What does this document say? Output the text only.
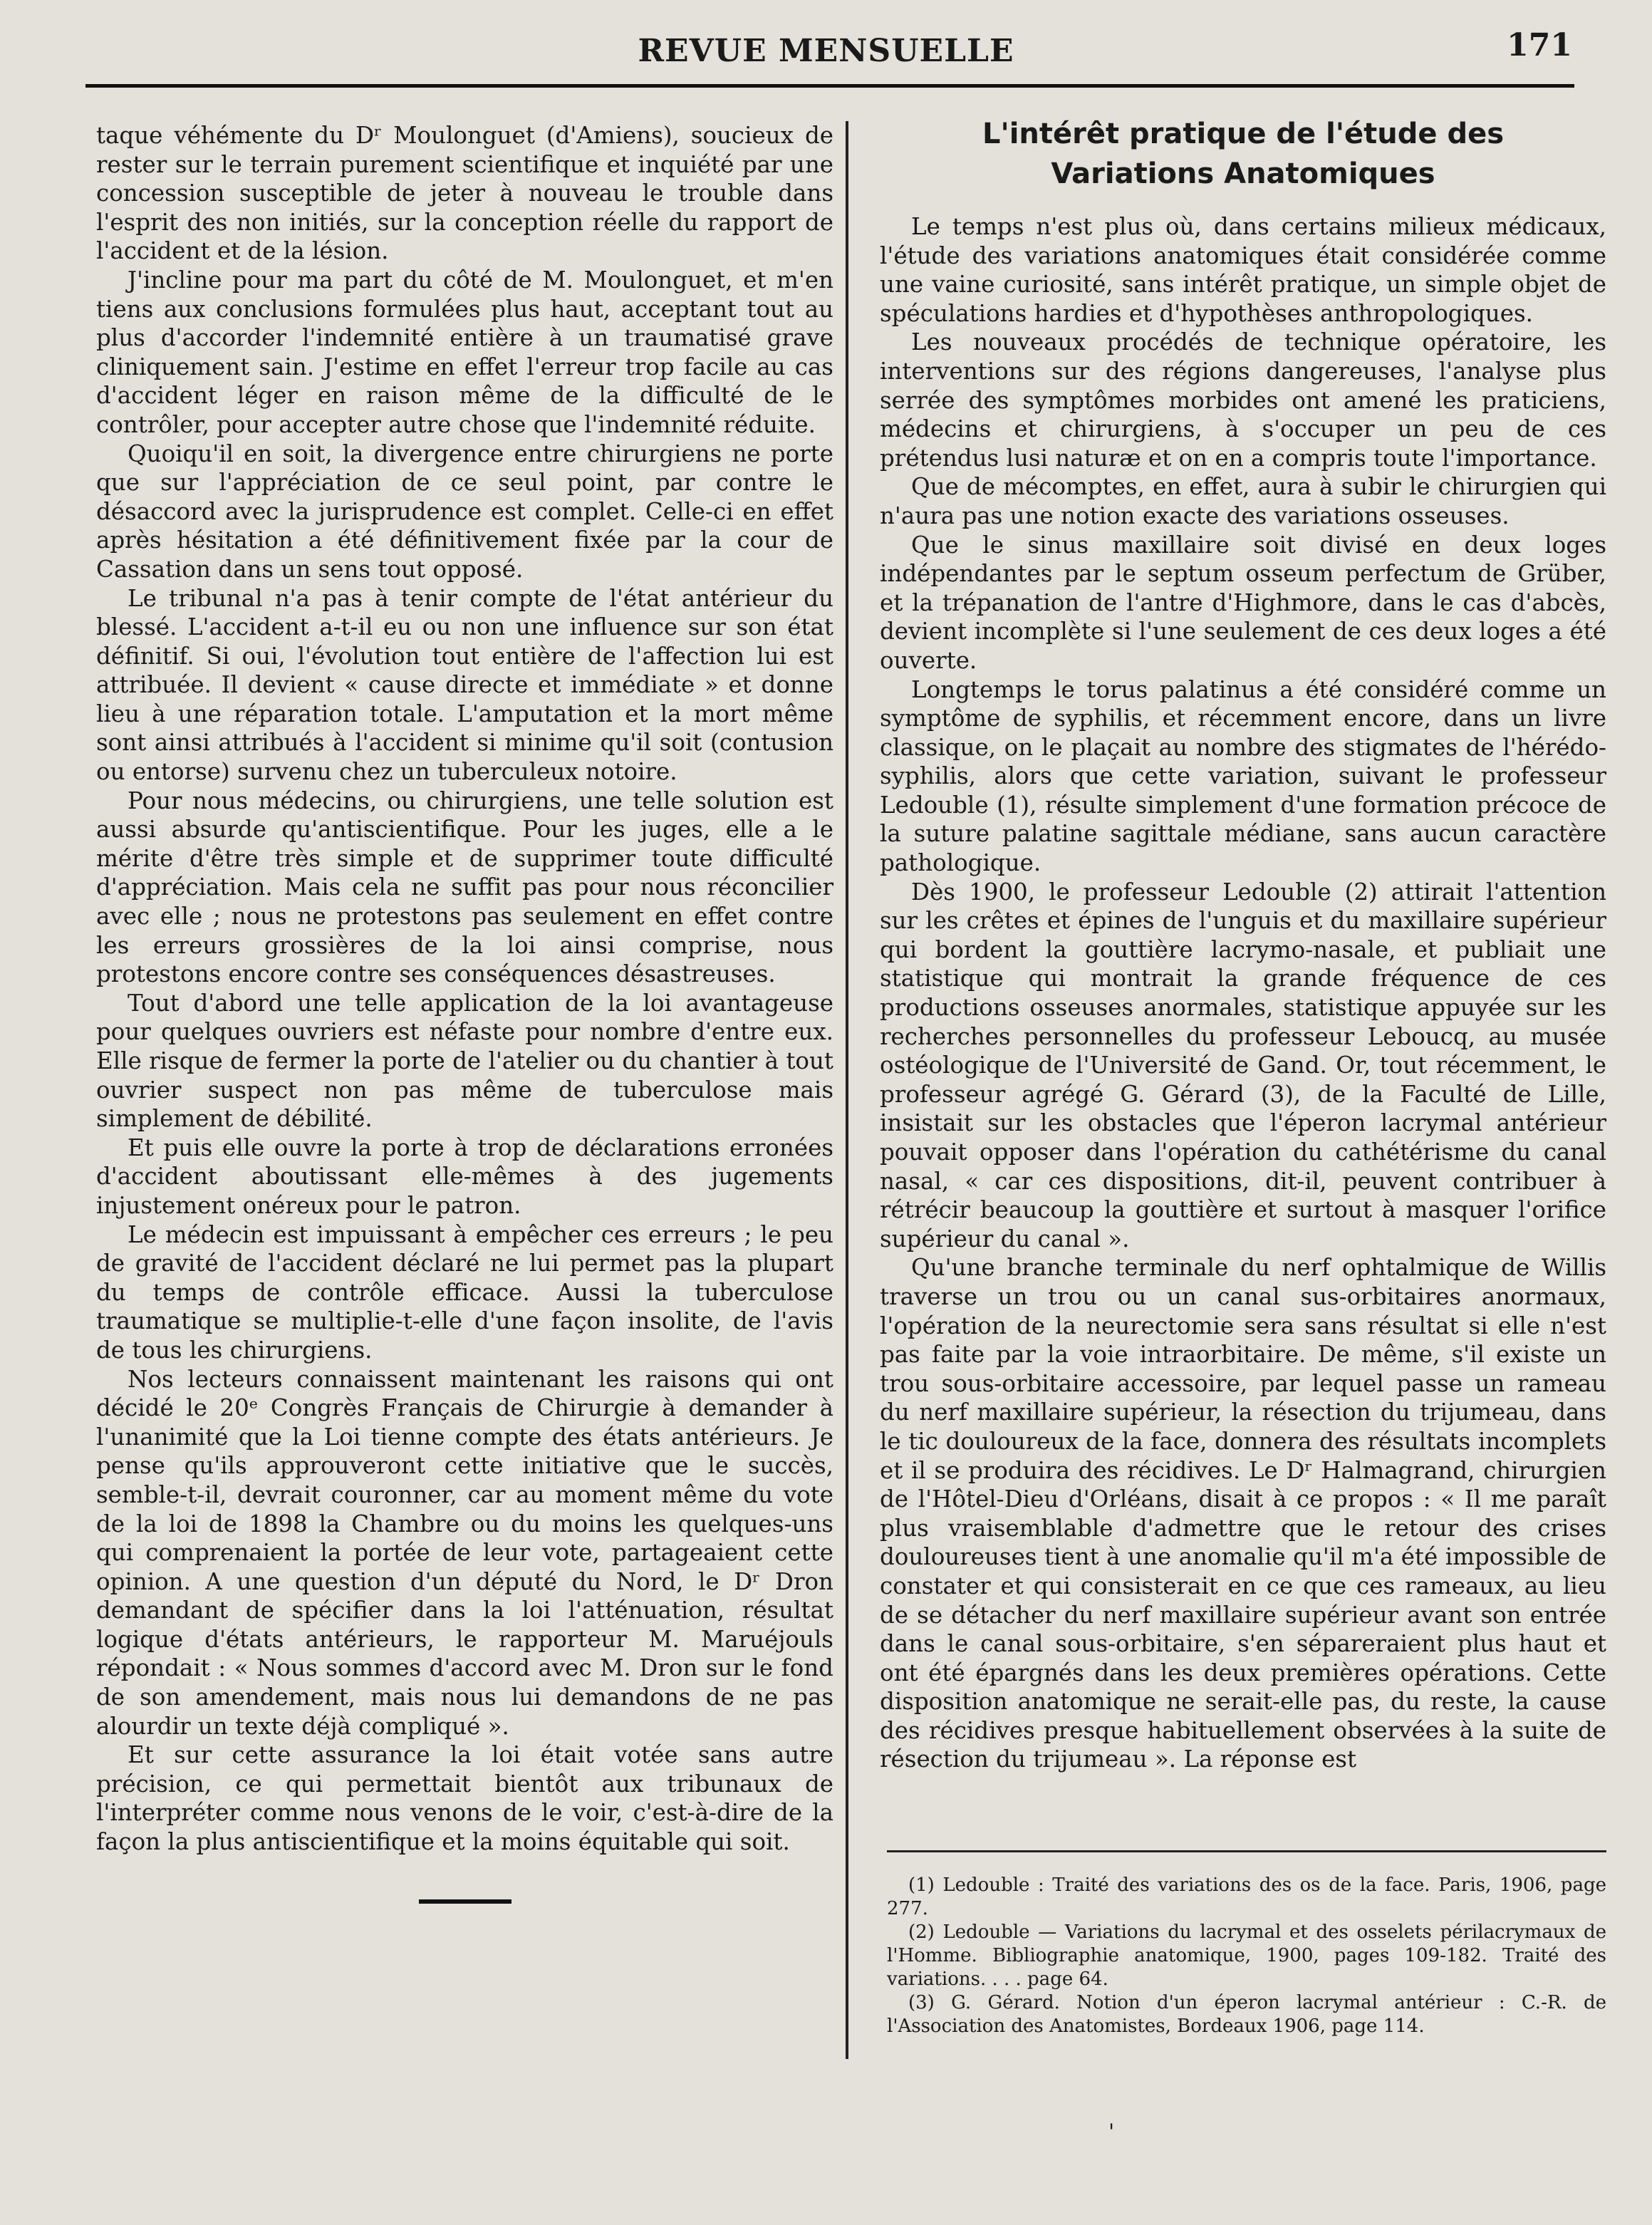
REVUE MENSUELLE	171

taque véhémente du Dʳ Moulonguet (d'Amiens), soucieux de rester sur le terrain purement scientifique et inquiété par une concession susceptible de jeter à nouveau le trouble dans l'esprit des non initiés, sur la conception réelle du rapport de l'accident et de la lésion.

J'incline pour ma part du côté de M. Moulonguet, et m'en tiens aux conclusions formulées plus haut, acceptant tout au plus d'accorder l'indemnité entière à un traumatisé grave cliniquement sain. J'estime en effet l'erreur trop facile au cas d'accident léger en raison même de la difficulté de le contrôler, pour accepter autre chose que l'indemnité réduite.

Quoiqu'il en soit, la divergence entre chirurgiens ne porte que sur l'appréciation de ce seul point, par contre le désaccord avec la jurisprudence est complet. Celle-ci en effet après hésitation a été définitivement fixée par la cour de Cassation dans un sens tout opposé.

Le tribunal n'a pas à tenir compte de l'état antérieur du blessé. L'accident a-t-il eu ou non une influence sur son état définitif. Si oui, l'évolution tout entière de l'affection lui est attribuée. Il devient « cause directe et immédiate » et donne lieu à une réparation totale. L'amputation et la mort même sont ainsi attribués à l'accident si minime qu'il soit (contusion ou entorse) survenu chez un tuberculeux notoire.

Pour nous médecins, ou chirurgiens, une telle solution est aussi absurde qu'antiscientifique. Pour les juges, elle a le mérite d'être très simple et de supprimer toute difficulté d'appréciation. Mais cela ne suffit pas pour nous réconcilier avec elle ; nous ne protestons pas seulement en effet contre les erreurs grossières de la loi ainsi comprise, nous protestons encore contre ses conséquences désastreuses.

Tout d'abord une telle application de la loi avantageuse pour quelques ouvriers est néfaste pour nombre d'entre eux. Elle risque de fermer la porte de l'atelier ou du chantier à tout ouvrier suspect non pas même de tuberculose mais simplement de débilité.

Et puis elle ouvre la porte à trop de déclarations erronées d'accident aboutissant elle-mêmes à des jugements injustement onéreux pour le patron.

Le médecin est impuissant à empêcher ces erreurs ; le peu de gravité de l'accident déclaré ne lui permet pas la plupart du temps de contrôle efficace. Aussi la tuberculose traumatique se multiplie-t-elle d'une façon insolite, de l'avis de tous les chirurgiens.

Nos lecteurs connaissent maintenant les raisons qui ont décidé le 20ᵉ Congrès Français de Chirurgie à demander à l'unanimité que la Loi tienne compte des états antérieurs. Je pense qu'ils approuveront cette initiative que le succès, semble-t-il, devrait couronner, car au moment même du vote de la loi de 1898 la Chambre ou du moins les quelques-uns qui comprenaient la portée de leur vote, partageaient cette opinion. A une question d'un député du Nord, le Dʳ Dron demandant de spécifier dans la loi l'atténuation, résultat logique d'états antérieurs, le rapporteur M. Maruéjouls répondait : « Nous sommes d'accord avec M. Dron sur le fond de son amendement, mais nous lui demandons de ne pas alourdir un texte déjà compliqué ».

Et sur cette assurance la loi était votée sans autre précision, ce qui permettait bientôt aux tribunaux de l'interpréter comme nous venons de le voir, c'est-à-dire de la façon la plus antiscientifique et la moins équitable qui soit.

L'intérêt pratique de l'étude des
Variations Anatomiques

Le temps n'est plus où, dans certains milieux médicaux, l'étude des variations anatomiques était considérée comme une vaine curiosité, sans intérêt pratique, un simple objet de spéculations hardies et d'hypothèses anthropologiques.

Les nouveaux procédés de technique opératoire, les interventions sur des régions dangereuses, l'analyse plus serrée des symptômes morbides ont amené les praticiens, médecins et chirurgiens, à s'occuper un peu de ces prétendus lusi naturæ et on en a compris toute l'importance.

Que de mécomptes, en effet, aura à subir le chirurgien qui n'aura pas une notion exacte des variations osseuses.

Que le sinus maxillaire soit divisé en deux loges indépendantes par le septum osseum perfectum de Grüber, et la trépanation de l'antre d'Highmore, dans le cas d'abcès, devient incomplète si l'une seulement de ces deux loges a été ouverte.

Longtemps le torus palatinus a été considéré comme un symptôme de syphilis, et récemment encore, dans un livre classique, on le plaçait au nombre des stigmates de l'hérédo-syphilis, alors que cette variation, suivant le professeur Ledouble (1), résulte simplement d'une formation précoce de la suture palatine sagittale médiane, sans aucun caractère pathologique.

Dès 1900, le professeur Ledouble (2) attirait l'attention sur les crêtes et épines de l'unguis et du maxillaire supérieur qui bordent la gouttière lacrymo-nasale, et publiait une statistique qui montrait la grande fréquence de ces productions osseuses anormales, statistique appuyée sur les recherches personnelles du professeur Leboucq, au musée ostéologique de l'Université de Gand. Or, tout récemment, le professeur agrégé G. Gérard (3), de la Faculté de Lille, insistait sur les obstacles que l'éperon lacrymal antérieur pouvait opposer dans l'opération du cathétérisme du canal nasal, « car ces dispositions, dit-il, peuvent contribuer à rétrécir beaucoup la gouttière et surtout à masquer l'orifice supérieur du canal ».

Qu'une branche terminale du nerf ophtalmique de Willis traverse un trou ou un canal sus-orbitaires anormaux, l'opération de la neurectomie sera sans résultat si elle n'est pas faite par la voie intraorbitaire. De même, s'il existe un trou sous-orbitaire accessoire, par lequel passe un rameau du nerf maxillaire supérieur, la résection du trijumeau, dans le tic douloureux de la face, donnera des résultats incomplets et il se produira des récidives. Le Dʳ Halmagrand, chirurgien de l'Hôtel-Dieu d'Orléans, disait à ce propos : « Il me paraît plus vraisemblable d'admettre que le retour des crises douloureuses tient à une anomalie qu'il m'a été impossible de constater et qui consisterait en ce que ces rameaux, au lieu de se détacher du nerf maxillaire supérieur avant son entrée dans le canal sous-orbitaire, s'en sépareraient plus haut et ont été épargnés dans les deux premières opérations. Cette disposition anatomique ne serait-elle pas, du reste, la cause des récidives presque habituellement observées à la suite de résection du trijumeau ». La réponse est

(1) Ledouble : Traité des variations des os de la face. Paris, 1906, page 277.

(2) Ledouble — Variations du lacrymal et des osselets périlacrymaux de l'Homme. Bibliographie anatomique, 1900, pages 109-182. Traité des variations. . . . page 64.

(3) G. Gérard. Notion d'un éperon lacrymal antérieur : C.-R. de l'Association des Anatomistes, Bordeaux 1906, page 114.

'
